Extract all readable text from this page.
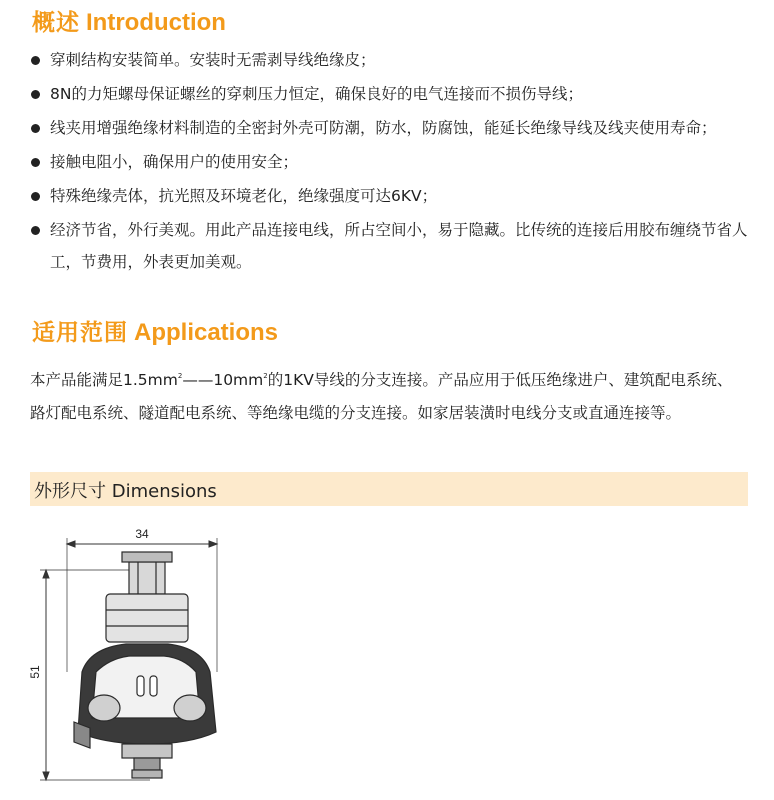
概述 Introduction
穿刺结构安装简单。安装时无需剥导线绝缘皮；
8N的力矩螺母保证螺丝的穿刺压力恒定，确保良好的电气连接而不损伤导线；
线夹用增强绝缘材料制造的全密封外壳可防潮，防水，防腐蚀，能延长绝缘导线及线夹使用寿命；
接触电阻小，确保用户的使用安全；
特殊绝缘壳体，抗光照及环境老化，绝缘强度可达6KV；
经济节省，外行美观。用此产品连接电线，所占空间小，易于隐藏。比传统的连接后用胶布缠绕节省人工，节费用，外表更加美观。
适用范围 Applications

本产品能满足$1.5mm^2——10mm^2$的1KV导线的分支连接。产品应用于低压绝缘进户、建筑配电系统、路灯配电系统、隧道配电系统、等绝缘电缆的分支连接。如家居装潢时电线分支或直通连接等。

外形尺寸 Dimensions
34
51
